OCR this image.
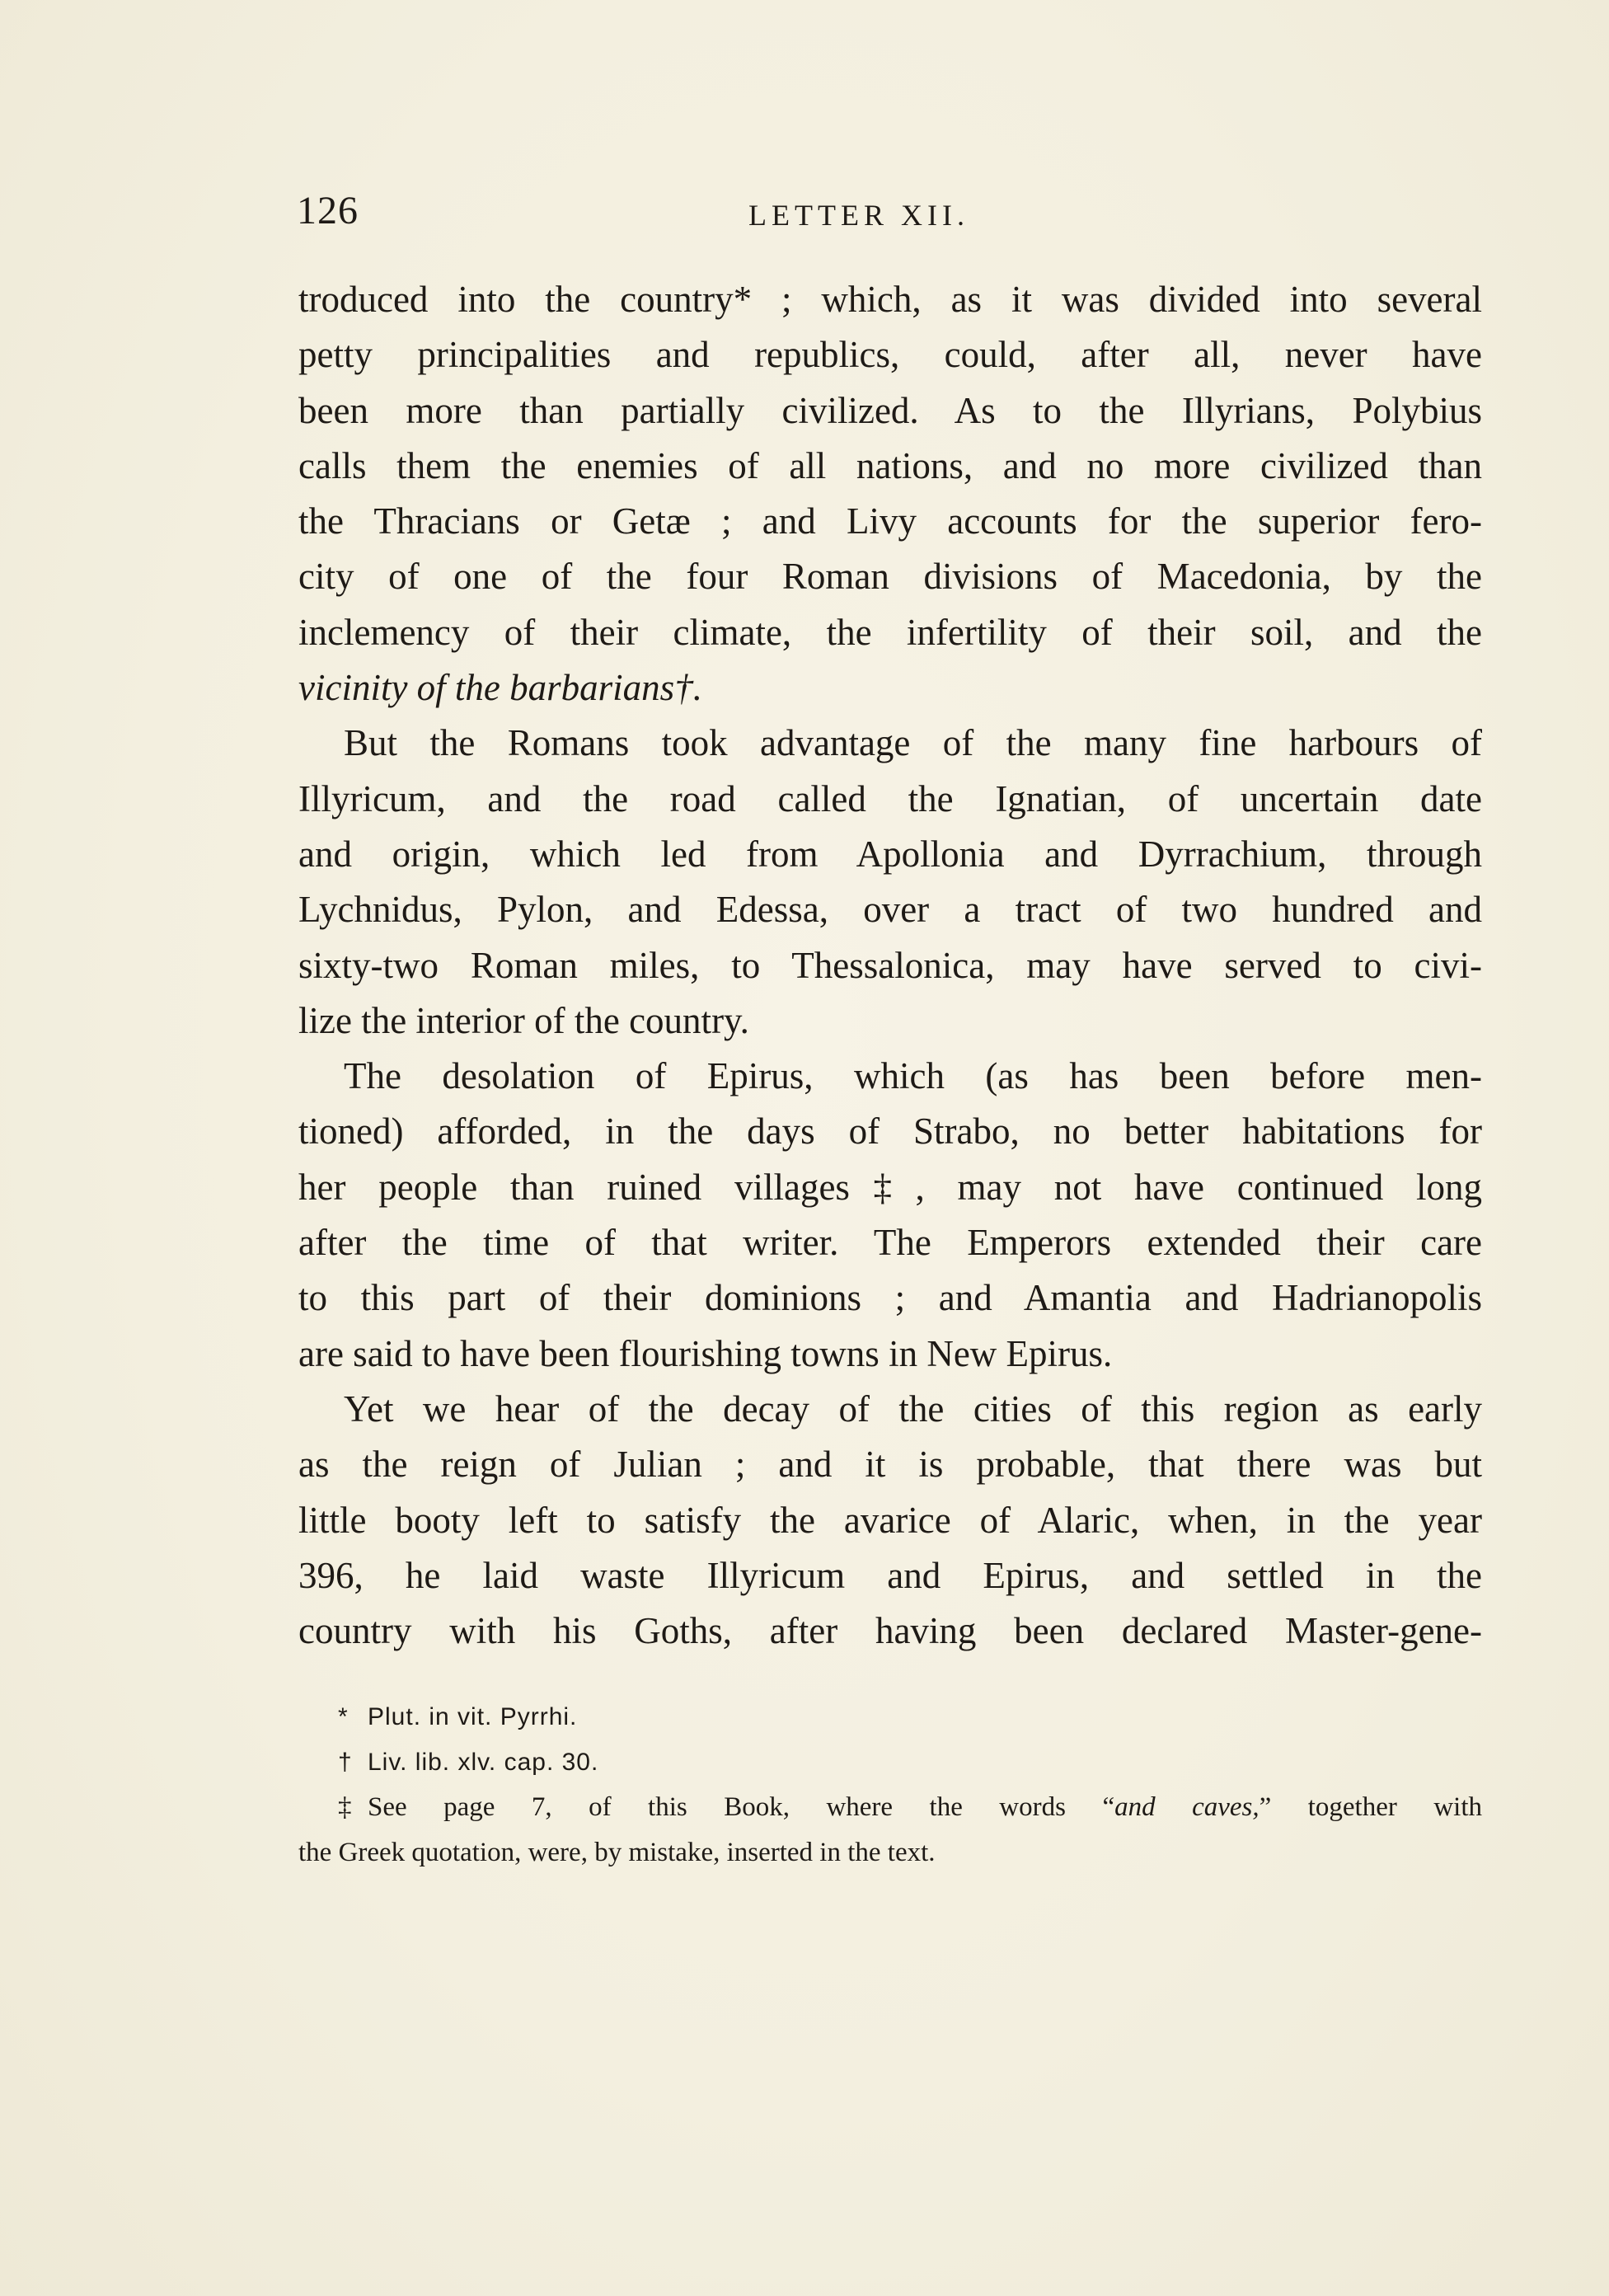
126	LETTER XII.
troduced into the country* ; which, as it was divided into several
petty principalities and republics, could, after all, never have
been more than partially civilized. As to the Illyrians, Polybius
calls them the enemies of all nations, and no more civilized than
the Thracians or Getæ ; and Livy accounts for the superior fero-
city of one of the four Roman divisions of Macedonia, by the
inclemency of their climate, the infertility of their soil, and the
vicinity of the barbarians†.
But the Romans took advantage of the many fine harbours of
Illyricum, and the road called the Ignatian, of uncertain date
and origin, which led from Apollonia and Dyrrachium, through
Lychnidus, Pylon, and Edessa, over a tract of two hundred and
sixty-two Roman miles, to Thessalonica, may have served to civi-
lize the interior of the country.
The desolation of Epirus, which (as has been before men-
tioned) afforded, in the days of Strabo, no better habitations for
her people than ruined villages‡, may not have continued long
after the time of that writer. The Emperors extended their care
to this part of their dominions ; and Amantia and Hadrianopolis
are said to have been flourishing towns in New Epirus.
Yet we hear of the decay of the cities of this region as early
as the reign of Julian ; and it is probable, that there was but
little booty left to satisfy the avarice of Alaric, when, in the year
396, he laid waste Illyricum and Epirus, and settled in the
country with his Goths, after having been declared Master-gene-
* Plut. in vit. Pyrrhi.
† Liv. lib. xlv. cap. 30.
‡ See page 7, of this Book, where the words “and caves,” together with
the Greek quotation, were, by mistake, inserted in the text.
